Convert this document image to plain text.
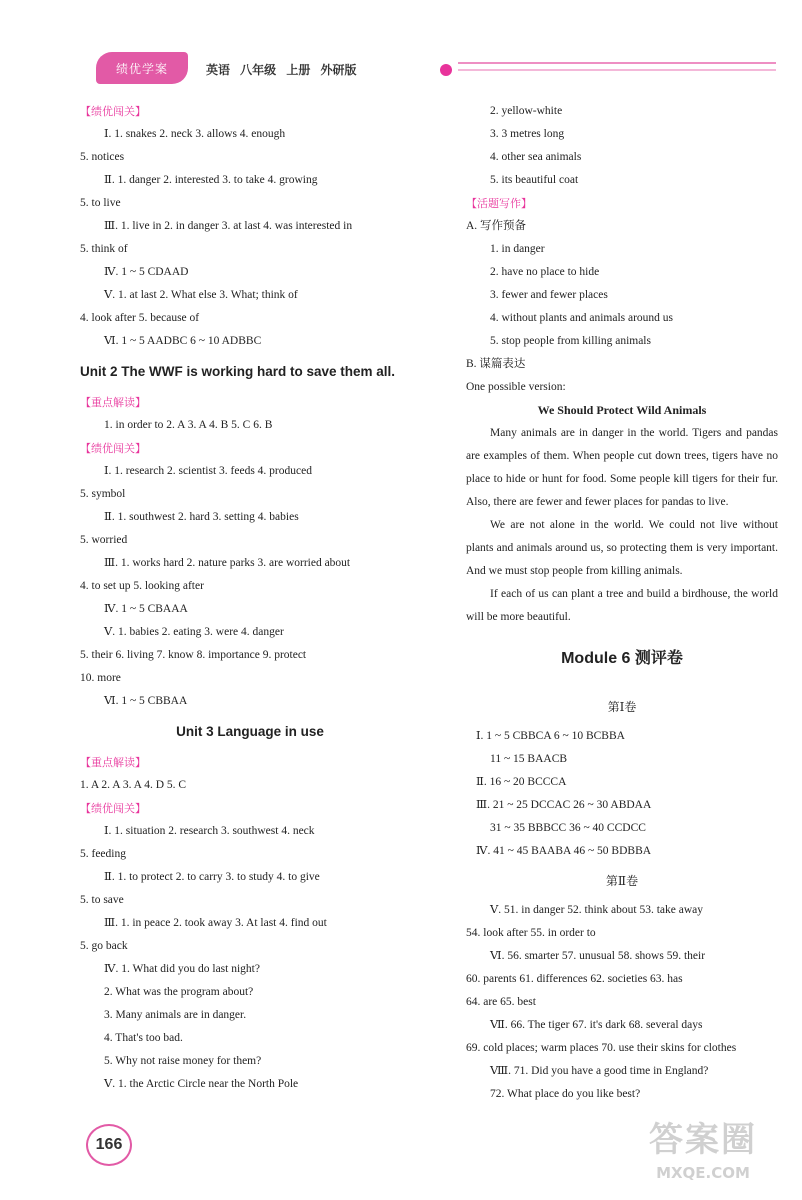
绩优学案	英语 八年级 上册 外研版
【绩优闯关】
Ⅰ. 1. snakes 2. neck 3. allows 4. enough
5. notices
Ⅱ. 1. danger 2. interested 3. to take 4. growing
5. to live
Ⅲ. 1. live in 2. in danger 3. at last 4. was interested in
5. think of
Ⅳ. 1 ~ 5 CDAAD
Ⅴ. 1. at last 2. What else 3. What; think of
4. look after 5. because of
Ⅵ. 1 ~ 5 AADBC 6 ~ 10 ADBBC
Unit 2 The WWF is working hard to save them all.
【重点解读】
1. in order to 2. A 3. A 4. B 5. C 6. B
【绩优闯关】
Ⅰ. 1. research 2. scientist 3. feeds 4. produced
5. symbol
Ⅱ. 1. southwest 2. hard 3. setting 4. babies
5. worried
Ⅲ. 1. works hard 2. nature parks 3. are worried about
4. to set up 5. looking after
Ⅳ. 1 ~ 5 CBAAA
Ⅴ. 1. babies 2. eating 3. were 4. danger
5. their 6. living 7. know 8. importance 9. protect
10. more
Ⅵ. 1 ~ 5 CBBAA
Unit 3 Language in use
【重点解读】
1. A 2. A 3. A 4. D 5. C
【绩优闯关】
Ⅰ. 1. situation 2. research 3. southwest 4. neck
5. feeding
Ⅱ. 1. to protect 2. to carry 3. to study 4. to give
5. to save
Ⅲ. 1. in peace 2. took away 3. At last 4. find out
5. go back
Ⅳ. 1. What did you do last night?
2. What was the program about?
3. Many animals are in danger.
4. That's too bad.
5. Why not raise money for them?
Ⅴ. 1. the Arctic Circle near the North Pole
2. yellow-white
3. 3 metres long
4. other sea animals
5. its beautiful coat
【活题写作】
A. 写作预备
1. in danger
2. have no place to hide
3. fewer and fewer places
4. without plants and animals around us
5. stop people from killing animals
B. 谋篇表达
One possible version:
We Should Protect Wild Animals

Many animals are in danger in the world. Tigers and pandas are examples of them. When people cut down trees, tigers have no place to hide or hunt for food. Some people kill tigers for their fur. Also, there are fewer and fewer places for pandas to live.

We are not alone in the world. We could not live without plants and animals around us, so protecting them is very important. And we must stop people from killing animals.

If each of us can plant a tree and build a birdhouse, the world will be more beautiful.

Module 6 测评卷
第Ⅰ卷
Ⅰ. 1 ~ 5 CBBCA 6 ~ 10 BCBBA
11 ~ 15 BAACB
Ⅱ. 16 ~ 20 BCCCA
Ⅲ. 21 ~ 25 DCCAC 26 ~ 30 ABDAA
31 ~ 35 BBBCC 36 ~ 40 CCDCC
Ⅳ. 41 ~ 45 BAABA 46 ~ 50 BDBBA
第Ⅱ卷
Ⅴ. 51. in danger 52. think about 53. take away
54. look after 55. in order to
Ⅵ. 56. smarter 57. unusual 58. shows 59. their
60. parents 61. differences 62. societies 63. has
64. are 65. best
Ⅶ. 66. The tiger 67. it's dark 68. several days
69. cold places; warm places 70. use their skins for clothes
Ⅷ. 71. Did you have a good time in England?
72. What place do you like best?
166	答案圈
MXQE.COM
